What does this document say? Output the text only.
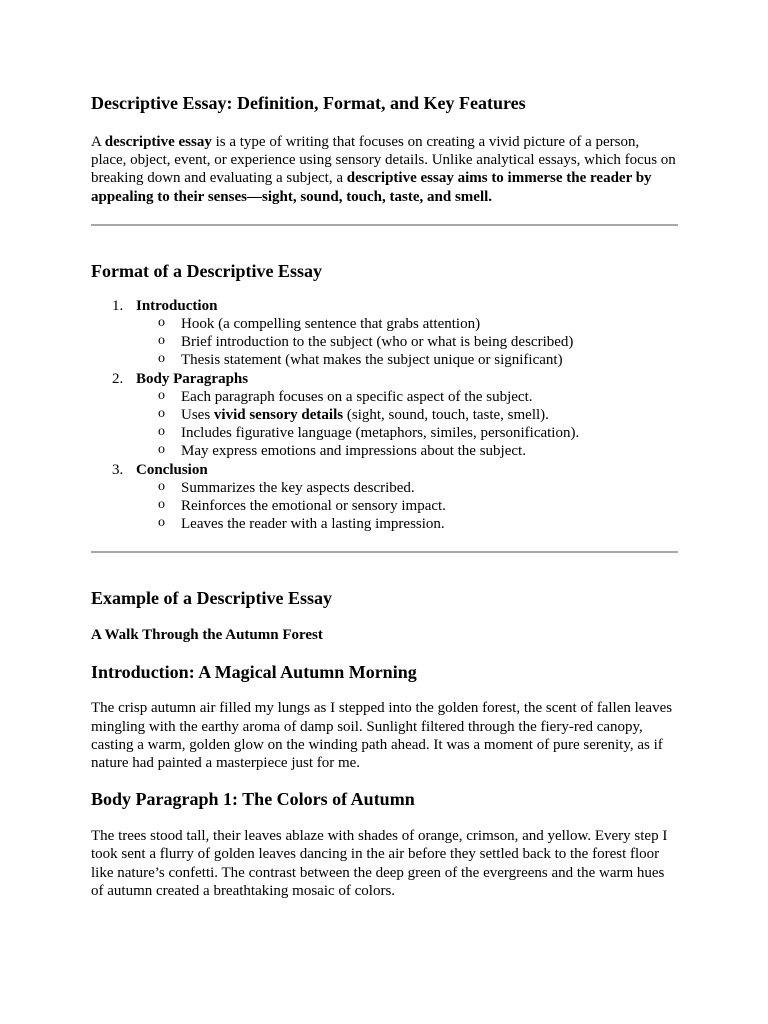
Descriptive Essay: Definition, Format, and Key Features

A descriptive essay is a type of writing that focuses on creating a vivid picture of a person, place, object, event, or experience using sensory details. Unlike analytical essays, which focus on breaking down and evaluating a subject, a descriptive essay aims to immerse the reader by appealing to their senses—sight, sound, touch, taste, and smell.

Format of a Descriptive Essay
1. Introduction
o Hook (a compelling sentence that grabs attention)
o Brief introduction to the subject (who or what is being described)
o Thesis statement (what makes the subject unique or significant)
2. Body Paragraphs
o Each paragraph focuses on a specific aspect of the subject.
o Uses vivid sensory details (sight, sound, touch, taste, smell).
o Includes figurative language (metaphors, similes, personification).
o May express emotions and impressions about the subject.
3. Conclusion
o Summarizes the key aspects described.
o Reinforces the emotional or sensory impact.
o Leaves the reader with a lasting impression.
Example of a Descriptive Essay
A Walk Through the Autumn Forest
Introduction: A Magical Autumn Morning

The crisp autumn air filled my lungs as I stepped into the golden forest, the scent of fallen leaves mingling with the earthy aroma of damp soil. Sunlight filtered through the fiery-red canopy, casting a warm, golden glow on the winding path ahead. It was a moment of pure serenity, as if nature had painted a masterpiece just for me.

Body Paragraph 1: The Colors of Autumn

The trees stood tall, their leaves ablaze with shades of orange, crimson, and yellow. Every step I took sent a flurry of golden leaves dancing in the air before they settled back to the forest floor like nature’s confetti. The contrast between the deep green of the evergreens and the warm hues of autumn created a breathtaking mosaic of colors.
